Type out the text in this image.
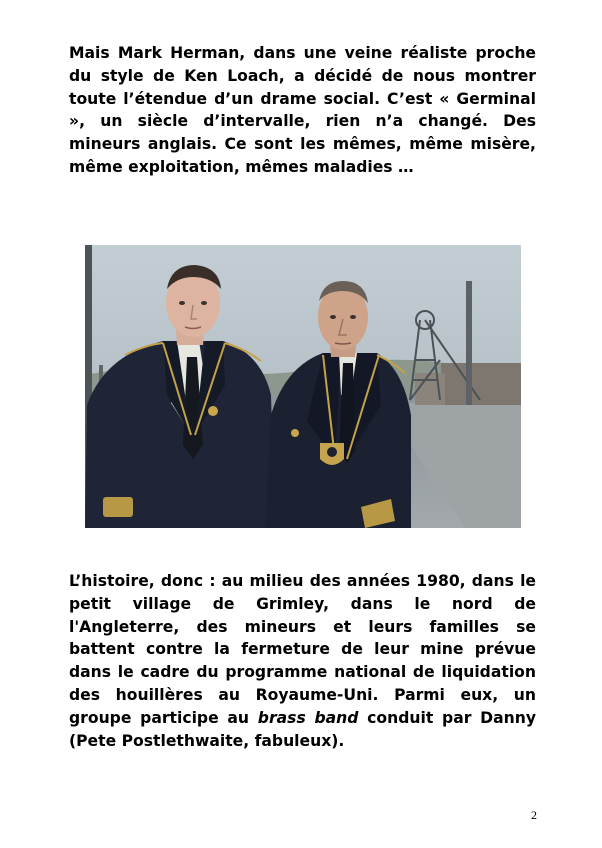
Mais Mark Herman, dans une veine réaliste proche du style de Ken Loach, a décidé de nous montrer toute l’étendue d’un drame social. C’est « Germinal », un siècle d’intervalle, rien n’a changé. Des mineurs anglais. Ce sont les mêmes, même misère, même exploitation, mêmes maladies …

L’histoire, donc : au milieu des années 1980, dans le petit village de Grimley, dans le nord de l'Angleterre, des mineurs et leurs familles se battent contre la fermeture de leur mine prévue dans le cadre du programme national de liquidation des houillères au Royaume-Uni. Parmi eux, un groupe participe au brass band conduit par Danny (Pete Postlethwaite, fabuleux).

2
